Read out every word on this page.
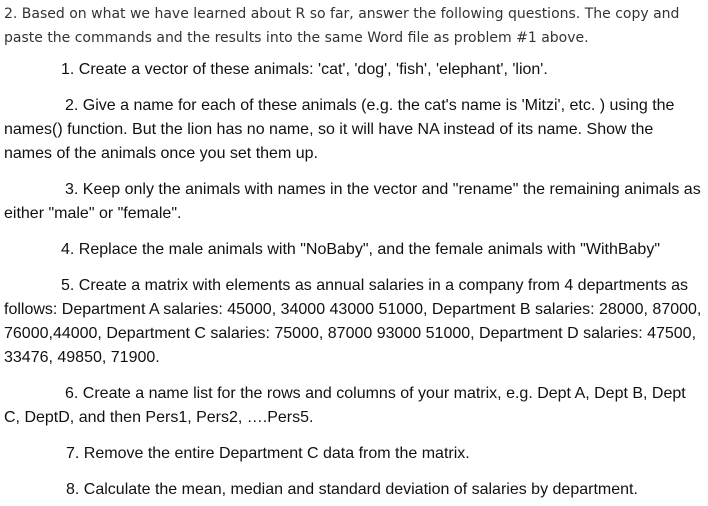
2. Based on what we have learned about R so far, answer the following questions. The copy and paste the commands and the results into the same Word file as problem #1 above.

1. Create a vector of these animals: 'cat', 'dog', 'fish', 'elephant', 'lion'.

2. Give a name for each of these animals (e.g. the cat's name is 'Mitzi', etc. ) using the names() function. But the lion has no name, so it will have NA instead of its name. Show the names of the animals once you set them up.

3. Keep only the animals with names in the vector and "rename" the remaining animals as either "male" or "female".

4. Replace the male animals with "NoBaby", and the female animals with "WithBaby"

5. Create a matrix with elements as annual salaries in a company from 4 departments as follows: Department A salaries: 45000, 34000 43000 51000, Department B salaries: 28000, 87000, 76000,44000, Department C salaries: 75000, 87000 93000 51000, Department D salaries: 47500, 33476, 49850, 71900.

6. Create a name list for the rows and columns of your matrix, e.g. Dept A, Dept B, Dept C, DeptD, and then Pers1, Pers2, ….Pers5.

7. Remove the entire Department C data from the matrix.

8. Calculate the mean, median and standard deviation of salaries by department.
